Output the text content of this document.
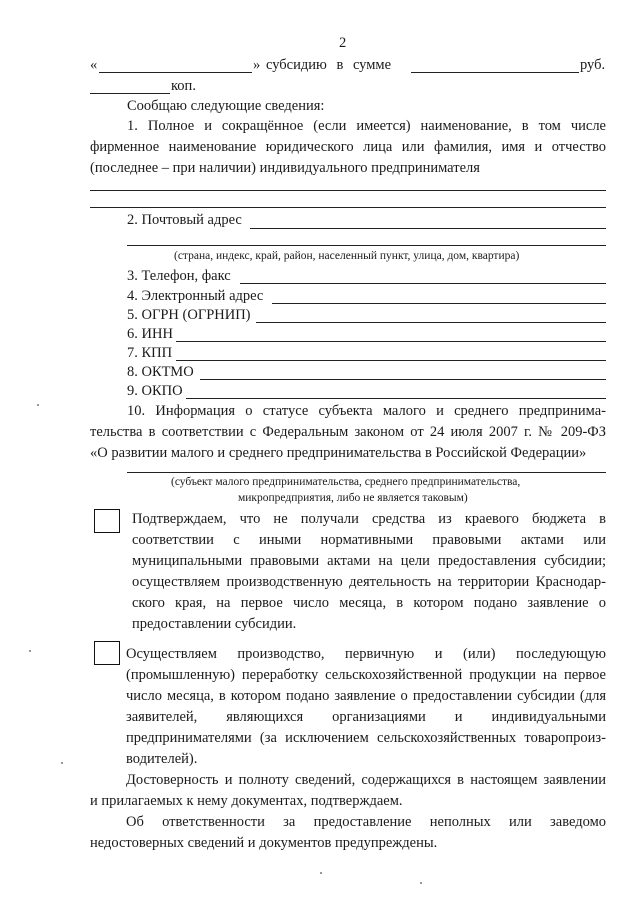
2
«	» субсидию в сумме	руб.
коп.
Сообщаю следующие сведения:
1. Полное и сокращённое (если имеется) наименование, в том числе
фирменное наименование юридического лица или фамилия, имя и отчество
(последнее – при наличии) индивидуального предпринимателя
2. Почтовый адрес
(страна, индекс, край, район, населенный пункт, улица, дом, квартира)
3. Телефон, факс
4. Электронный адрес
5. ОГРН (ОГРНИП)
6. ИНН
7. КПП
8. ОКТМО
9. ОКПО
10. Информация о статусе субъекта малого и среднего предпринима-
тельства в соответствии с Федеральным законом от 24 июля 2007 г. № 209-ФЗ
«О развитии малого и среднего предпринимательства в Российской Федерации»
(субъект малого предпринимательства, среднего предпринимательства,
микропредприятия, либо не является таковым)
Подтверждаем, что не получали средства из краевого бюджета в
соответствии с иными нормативными правовыми актами или
муниципальными правовыми актами на цели предоставления субсидии;
осуществляем производственную деятельность на территории Краснодар-
ского края, на первое число месяца, в котором подано заявление о
предоставлении субсидии.
Осуществляем производство, первичную и (или) последующую
(промышленную) переработку сельскохозяйственной продукции на первое
число месяца, в котором подано заявление о предоставлении субсидии (для
заявителей, являющихся организациями и индивидуальными
предпринимателями (за исключением сельскохозяйственных товаропроиз-
водителей).
Достоверность и полноту сведений, содержащихся в настоящем заявлении
и прилагаемых к нему документах, подтверждаем.
Об ответственности за предоставление неполных или заведомо
недостоверных сведений и документов предупреждены.
